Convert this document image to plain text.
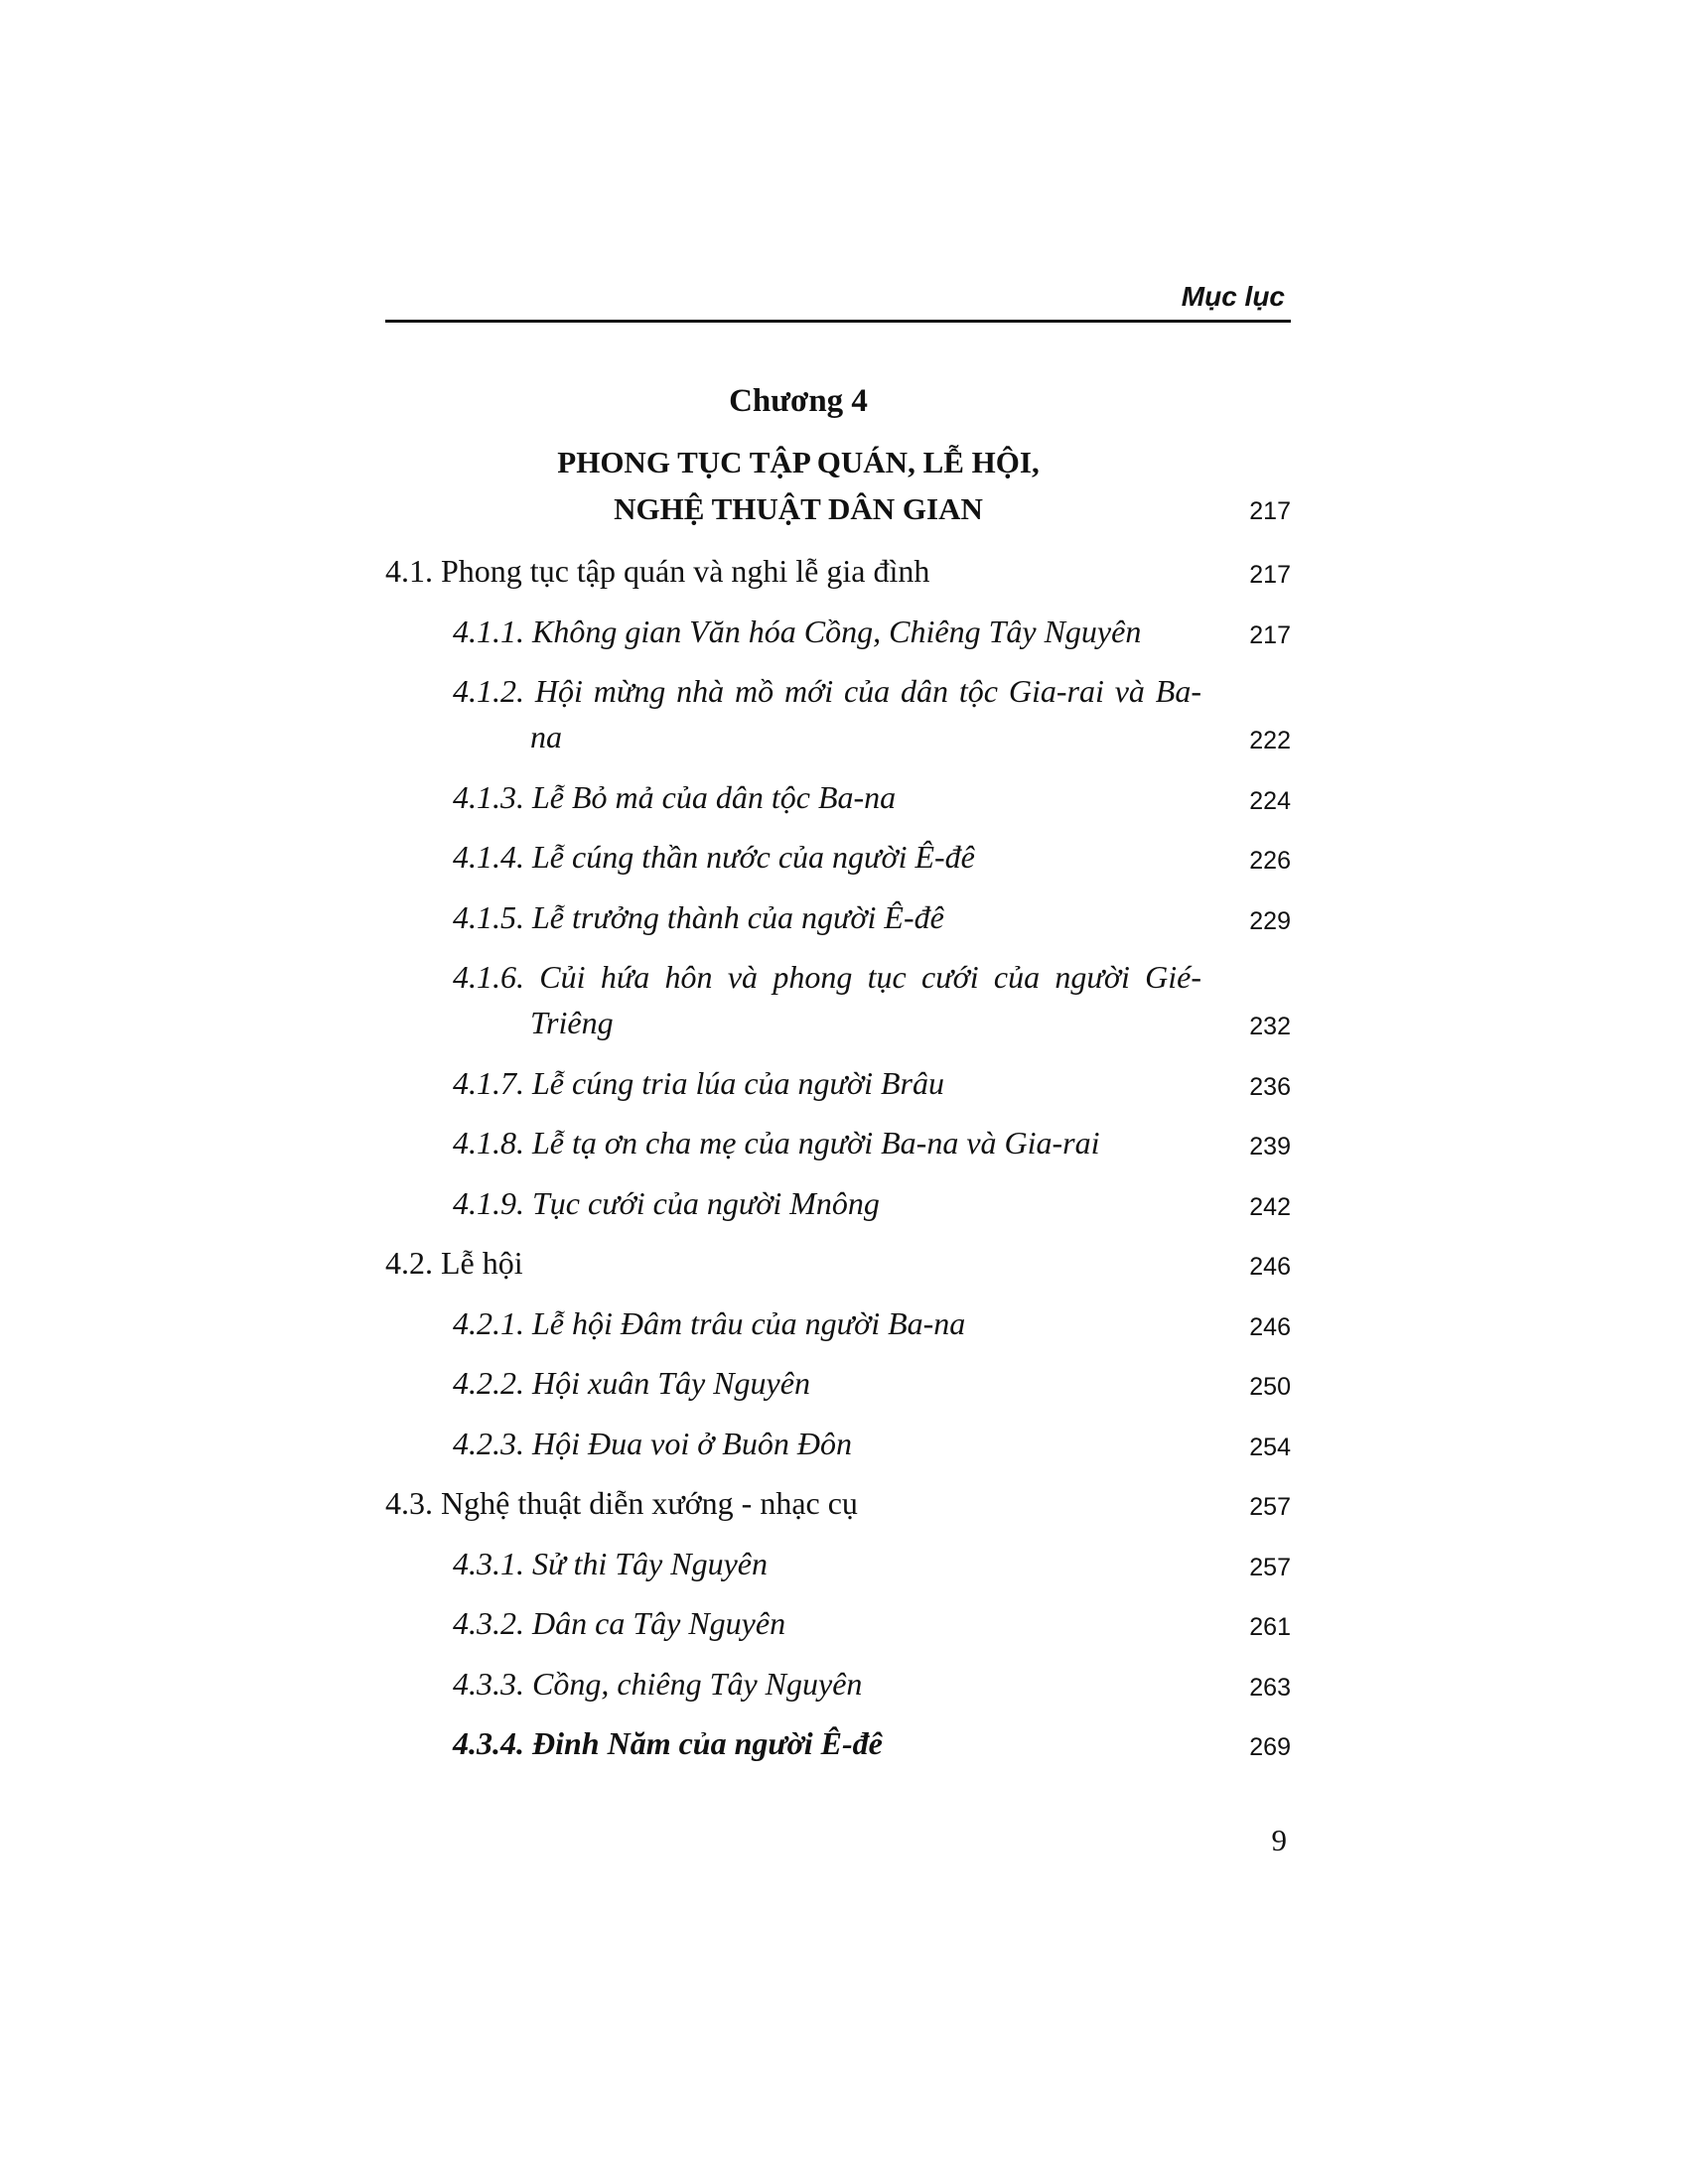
Mục lục

Chương 4

PHONG TỤC TẬP QUÁN, LỄ HỘI,
NGHỆ THUẬT DÂN GIAN	217
4.1. Phong tục tập quán và nghi lễ gia đình	217
4.1.1. Không gian Văn hóa Cồng, Chiêng Tây Nguyên	217
4.1.2. Hội mừng nhà mồ mới của dân tộc Gia-rai và Ba-na	222
4.1.3. Lễ Bỏ mả của dân tộc Ba-na	224
4.1.4. Lễ cúng thần nước của người Ê-đê	226
4.1.5. Lễ trưởng thành của người Ê-đê	229
4.1.6. Củi hứa hôn và phong tục cưới của người Gié-Triêng	232
4.1.7. Lễ cúng tria lúa của người Brâu	236
4.1.8. Lễ tạ ơn cha mẹ của người Ba-na và Gia-rai	239
4.1.9. Tục cưới của người Mnông	242
4.2. Lễ hội	246
4.2.1. Lễ hội Đâm trâu của người Ba-na	246
4.2.2. Hội xuân Tây Nguyên	250
4.2.3. Hội Đua voi ở Buôn Đôn	254
4.3. Nghệ thuật diễn xướng - nhạc cụ	257
4.3.1. Sử thi Tây Nguyên	257
4.3.2. Dân ca Tây Nguyên	261
4.3.3. Cồng, chiêng Tây Nguyên	263
4.3.4. Đinh Năm của người Ê-đê	269

9
